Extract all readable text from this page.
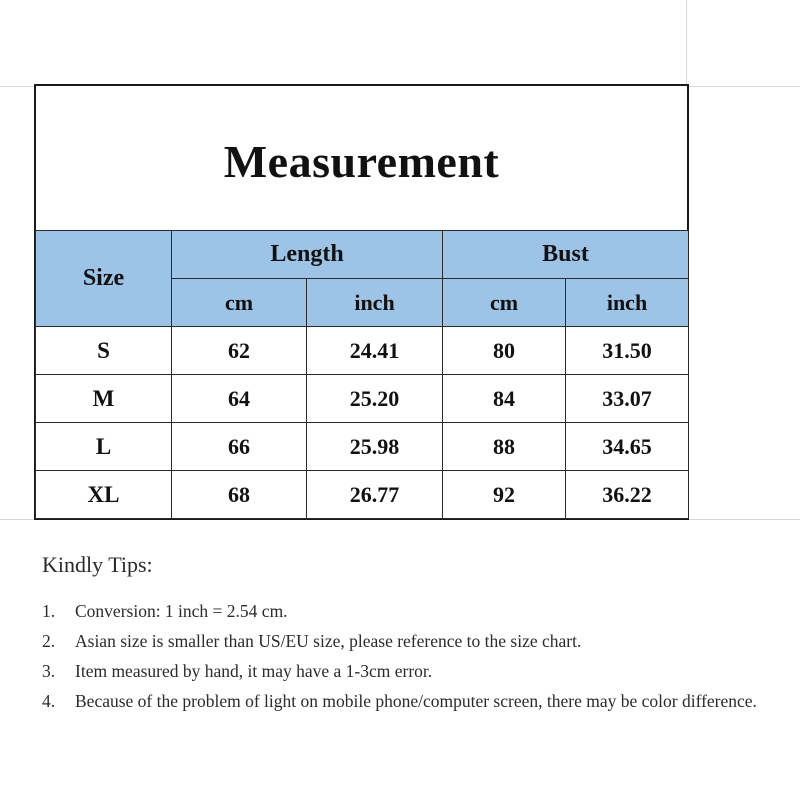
Measurement
Size	Length		Bust	
	cm	inch	cm	inch
S	62	24.41	80	31.50
M	64	25.20	84	33.07
L	66	25.98	88	34.65
XL	68	26.77	92	36.22
Kindly Tips:
1.	Conversion: 1 inch = 2.54 cm.
2.	Asian size is smaller than US/EU size, please reference to the size chart.
3.	Item measured by hand, it may have a 1-3cm error.
4.	Because of the problem of light on mobile phone/computer screen, there may be color difference.
